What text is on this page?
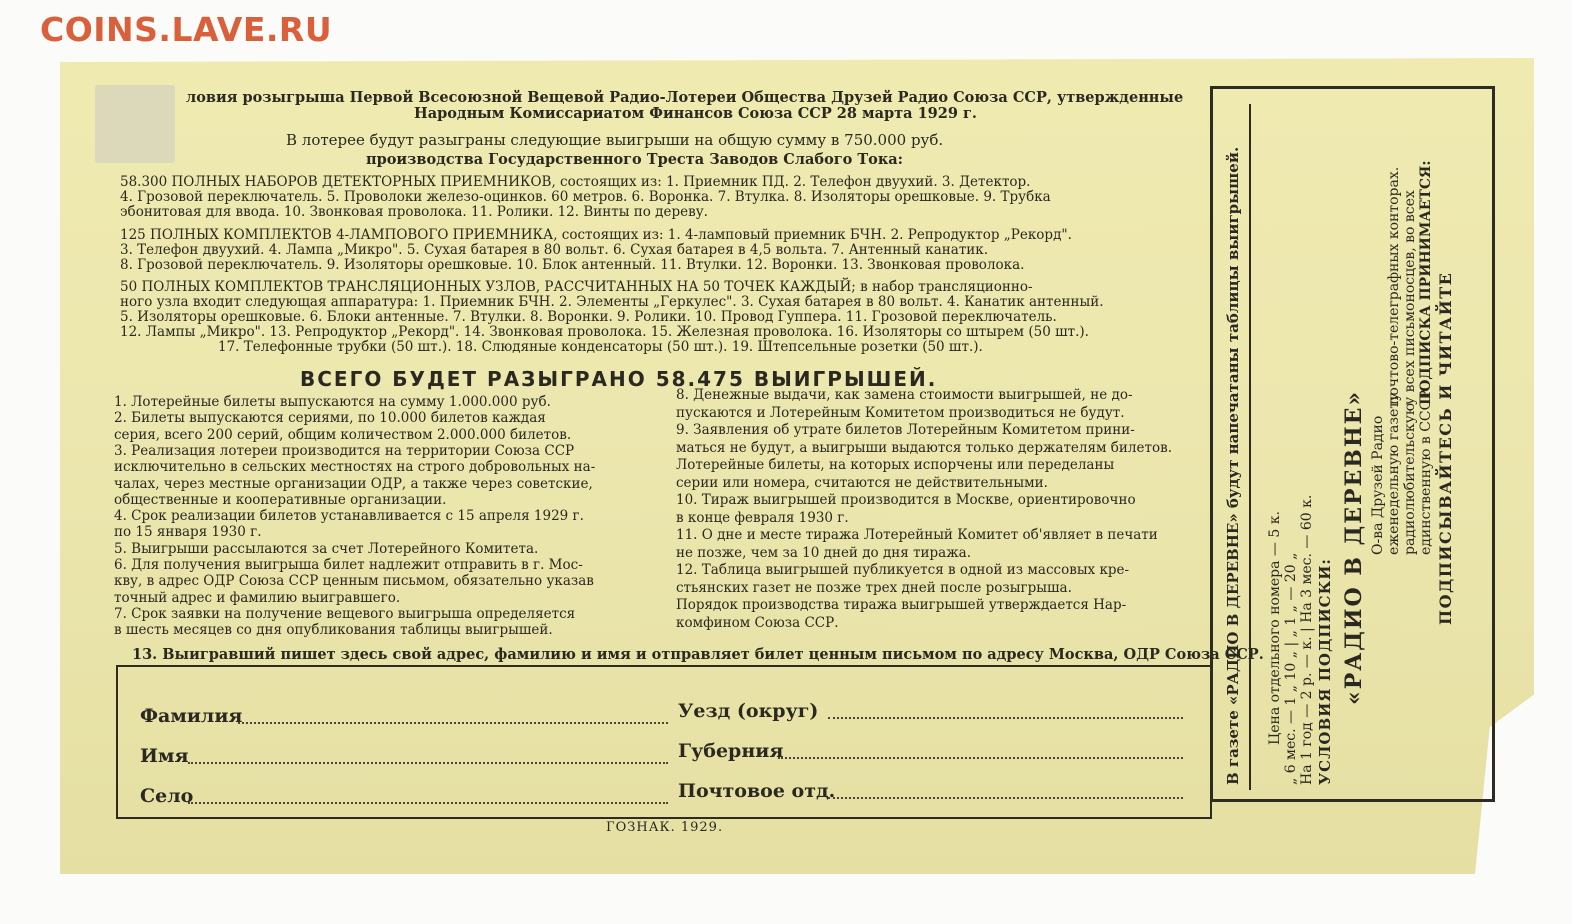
COINS.LAVE.RU
ловия розыгрыша Первой Всесоюзной Вещевой Радио-Лотереи Общества Друзей Радио Союза ССР, утвержденные
Народным Комиссариатом Финансов Союза ССР 28 марта 1929 г.
В лотерее будут разыграны следующие выигрыши на общую сумму в 750.000 руб.
производства Государственного Треста Заводов Слабого Тока:
58.300 ПОЛНЫХ НАБОРОВ ДЕТЕКТОРНЫХ ПРИЕМНИКОВ, состоящих из: 1. Приемник ПД. 2. Телефон двуухий. 3. Детектор.
4. Грозовой переключатель. 5. Проволоки железо-оцинков. 60 метров. 6. Воронка. 7. Втулка. 8. Изоляторы орешковые. 9. Трубка
эбонитовая для ввода. 10. Звонковая проволока. 11. Ролики. 12. Винты по дереву.
125 ПОЛНЫХ КОМПЛЕКТОВ 4-ЛАМПОВОГО ПРИЕМНИКА, состоящих из: 1. 4-ламповый приемник БЧН. 2. Репродуктор „Рекорд".
3. Телефон двуухий. 4. Лампа „Микро". 5. Сухая батарея в 80 вольт. 6. Сухая батарея в 4,5 вольта. 7. Антенный канатик.
8. Грозовой переключатель. 9. Изоляторы орешковые. 10. Блок антенный. 11. Втулки. 12. Воронки. 13. Звонковая проволока.
50 ПОЛНЫХ КОМПЛЕКТОВ ТРАНСЛЯЦИОННЫХ УЗЛОВ, РАССЧИТАННЫХ НА 50 ТОЧЕК КАЖДЫЙ; в набор трансляционно-
ного узла входит следующая аппаратура: 1. Приемник БЧН. 2. Элементы „Геркулес". 3. Сухая батарея в 80 вольт. 4. Канатик антенный.
5. Изоляторы орешковые. 6. Блоки антенные. 7. Втулки. 8. Воронки. 9. Ролики. 10. Провод Гуппера. 11. Грозовой переключатель.
12. Лампы „Микро". 13. Репродуктор „Рекорд". 14. Звонковая проволока. 15. Железная проволока. 16. Изоляторы со штырем (50 шт.).
17. Телефонные трубки (50 шт.). 18. Слюдяные конденсаторы (50 шт.). 19. Штепсельные розетки (50 шт.).
ВСЕГО БУДЕТ РАЗЫГРАНО 58.475 ВЫИГРЫШЕЙ.
1. Лотерейные билеты выпускаются на сумму 1.000.000 руб.
2. Билеты выпускаются сериями, по 10.000 билетов каждая
серия, всего 200 серий, общим количеством 2.000.000 билетов.
3. Реализация лотереи производится на территории Союза ССР
исключительно в сельских местностях на строго добровольных на-
чалах, через местные организации ОДР, а также через советские,
общественные и кооперативные организации.
4. Срок реализации билетов устанавливается с 15 апреля 1929 г.
по 15 января 1930 г.
5. Выигрыши рассылаются за счет Лотерейного Комитета.
6. Для получения выигрыша билет надлежит отправить в г. Мос-
кву, в адрес ОДР Союза ССР ценным письмом, обязательно указав
точный адрес и фамилию выигравшего.
7. Срок заявки на получение вещевого выигрыша определяется
в шесть месяцев со дня опубликования таблицы выигрышей.
8. Денежные выдачи, как замена стоимости выигрышей, не до-
пускаются и Лотерейным Комитетом производиться не будут.
9. Заявления об утрате билетов Лотерейным Комитетом прини-
маться не будут, а выигрыши выдаются только держателям билетов.
Лотерейные билеты, на которых испорчены или переделаны
серии или номера, считаются не действительными.
10. Тираж выигрышей производится в Москве, ориентировочно
в конце февраля 1930 г.
11. О дне и месте тиража Лотерейный Комитет об'являет в печати
не позже, чем за 10 дней до дня тиража.
12. Таблица выигрышей публикуется в одной из массовых кре-
стьянских газет не позже трех дней после розыгрыша.
Порядок производства тиража выигрышей утверждается Нар-
комфином Союза ССР.
13. Выигравший пишет здесь свой адрес, фамилию и имя и отправляет билет ценным письмом по адресу Москва, ОДР Союза ССР.
Фамилия
Имя
Село
Уезд (округ)
Губерния
Почтовое отд.
ГОЗНАК. 1929.
ПОДПИСЫВАЙТЕСЬ И ЧИТАЙТЕ
единственную в СССР
радиолюбительскую
еженедельную газету
О-ва Друзей Радио
«РАДИО В ДЕРЕВНЕ»
ПОДПИСКА ПРИНИМАЕТСЯ:
у всех письмоносцев, во всех
почтово-телеграфных конторах.
УСЛОВИЯ ПОДПИСКИ:
На 1 год — 2 р. — к. | На 3 мес. — 60 к.
„ 6 мес. — 1 „ 10 „ | „ 1 „ — 20 „
Цена отдельного номера — 5 к.
В газете «РАДИО В ДЕРЕВНЕ» будут напечатаны таблицы выигрышей.
